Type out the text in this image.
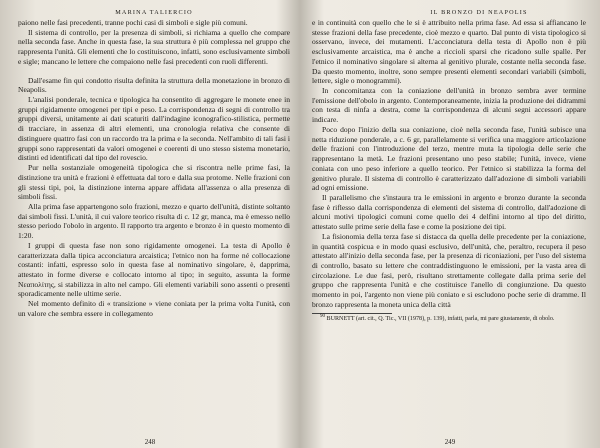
MARINA TALIERCIO

paiono nelle fasi precedenti, tranne pochi casi di simboli e sigle più comuni.

Il sistema di controllo, per la presenza di simboli, si richiama a quello che compare nella seconda fase. Anche in questa fase, la sua struttura è più complessa nel gruppo che rappresenta l'unità. Gli elementi che lo costituiscono, infatti, sono esclusivamente simboli e sigle; mancano le lettere che compaiono nelle fasi precedenti con ruoli differenti.

Dall'esame fin qui condotto risulta definita la struttura della monetazione in bronzo di Neapolis.

L'analisi ponderale, tecnica e tipologica ha consentito di aggregare le monete enee in gruppi rigidamente omogenei per tipi e peso. La corrispondenza di segni di controllo tra gruppi diversi, unitamente ai dati scaturiti dall'indagine iconografico-stilistica, permette di tracciare, in assenza di altri elementi, una cronologia relativa che consente di distinguere quattro fasi con un raccordo tra la prima e la seconda. Nell'ambito di tali fasi i gruppi sono rappresentati da valori omogenei e coerenti di uno stesso sistema monetario, distinti ed identificati dal tipo del rovescio.

Pur nella sostanziale omogeneità tipologica che si riscontra nelle prime fasi, la distinzione tra unità e frazioni è effettuata dal toro e dalla sua protome. Nelle frazioni con gli stessi tipi, poi, la distinzione interna appare affidata all'assenza o alla presenza di simboli fissi.

Alla prima fase appartengono solo frazioni, mezzo e quarto dell'unità, distinte soltanto dai simboli fissi. L'unità, il cui valore teorico risulta di c. 12 gr, manca, ma è emesso nello stesso periodo l'obolo in argento. Il rapporto tra argento e bronzo è in questo momento di 1:20.

I gruppi di questa fase non sono rigidamente omogenei. La testa di Apollo è caratterizzata dalla tipica acconciatura arcaistica; l'etnico non ha forme né collocazione costanti: infatti, espresso solo in questa fase al nominativo singolare, è, dapprima, attestato in forme diverse e collocato intorno al tipo; in seguito, assunta la forme Νεαπολίτης, si stabilizza in alto nel campo. Gli elementi variabili sono assenti o presenti sporadicamente nelle ultime serie.

Nel momento definito di « transizione » viene coniata per la prima volta l'unità, con un valore che sembra essere in collegamento

248
IL BRONZO DI NEAPOLIS

e in continuità con quello che le si è attribuito nella prima fase. Ad essa si affiancano le stesse frazioni della fase precedente, cioè mezzo e quarto. Dal punto di vista tipologico si osservano, invece, dei mutamenti. L'acconciatura della testa di Apollo non è più esclusivamente arcaistica, ma è anche a riccioli sparsi che ricadono sulle spalle. Per l'etnico il nominativo singolare si alterna al genitivo plurale, costante nella seconda fase. Da questo momento, inoltre, sono sempre presenti elementi secondari variabili (simboli, lettere, sigle o monogrammi).

In concomitanza con la coniazione dell'unità in bronzo sembra aver termine l'emissione dell'obolo in argento. Contemporaneamente, inizia la produzione dei didrammi con testa di ninfa a destra, come la corrispondenza di alcuni segni accessori appare indicare.

Poco dopo l'inizio della sua coniazione, cioè nella seconda fase, l'unità subisce una netta riduzione ponderale, a c. 6 gr, parallelamente si verifica una maggiore articolazione delle frazioni con l'introduzione del terzo, mentre muta la tipologia delle serie che rappresentano la metà. Le frazioni presentano uno peso stabile; l'unità, invece, viene coniata con uno peso inferiore a quello teorico. Per l'etnico si stabilizza la forma del genitivo plurale. Il sistema di controllo è caratterizzato dall'adozione di simboli variabili ad ogni emissione.

Il parallelismo che s'instaura tra le emissioni in argento e bronzo durante la seconda fase è riflesso dalla corrispondenza di elementi del sistema di controllo, dall'adozione di alcuni motivi tipologici comuni come quello dei 4 delfini intorno al tipo del diritto, attestato sulle prime serie della fase e come la posizione dei tipi.

La fisionomia della terza fase si distacca da quella delle precedente per la coniazione, in quantità cospicua e in modo quasi esclusivo, dell'unità, che, peraltro, recupera il peso attestato all'inizio della seconda fase, per la presenza di riconiazioni, per l'uso del sistema di controllo, basato su lettere che contraddistinguono le emissioni, per la vasta area di circolazione. Le due fasi, però, risultano strettamente collegate dalla prima serie del gruppo che rappresenta l'unità e che costituisce l'anello di congiunzione. Da questo momento in poi, l'argento non viene più coniato e si escludono poche serie di dramme. Il bronzo rappresenta la moneta unica della città

$^{90}$ BURNETT (art. cit., Q. Tic., VII (1978), p. 139), infatti, parla, mi pare giustamente, di obolo.

249
